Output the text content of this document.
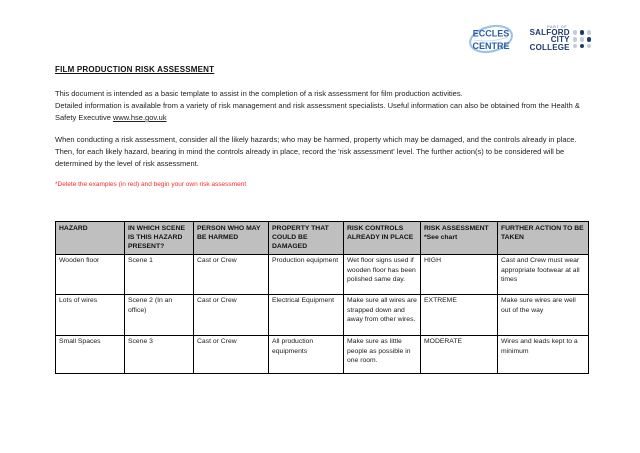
ECCLES
CENTRE
PART OF
SALFORD
CITY
COLLEGE
FILM PRODUCTION RISK ASSESSMENT

This document is intended as a basic template to assist in the completion of a risk assessment for film production activities.
Detailed information is available from a variety of risk management and risk assessment specialists. Useful information can also be obtained from the Health & Safety Executive www.hse.gov.uk

When conducting a risk assessment, consider all the likely hazards; who may be harmed, property which may be damaged, and the controls already in place. Then, for each likely hazard, bearing in mind the controls already in place, record the 'risk assessment' level. The further action(s) to be considered will be determined by the level of risk assessment.

*Delete the examples (in red) and begin your own risk assessment
HAZARD	IN WHICH SCENE IS THIS HAZARD PRESENT?	PERSON WHO MAY BE HARMED	PROPERTY THAT COULD BE DAMAGED	RISK CONTROLS ALREADY IN PLACE	RISK ASSESSMENT *See chart	FURTHER ACTION TO BE TAKEN
Wooden floor	Scene 1	Cast or Crew	Production equipment	Wet floor signs used if wooden floor has been polished same day.	HIGH	Cast and Crew must wear appropriate footwear at all times
Lots of wires	Scene 2 (In an office)	Cast or Crew	Electrical Equipment	Make sure all wires are strapped down and away from other wires.	EXTREME	Make sure wires are well out of the way
Small Spaces	Scene 3	Cast or Crew	All production equipments	Make sure as little people as possible in one room.	MODERATE	Wires and leads kept to a minimum
